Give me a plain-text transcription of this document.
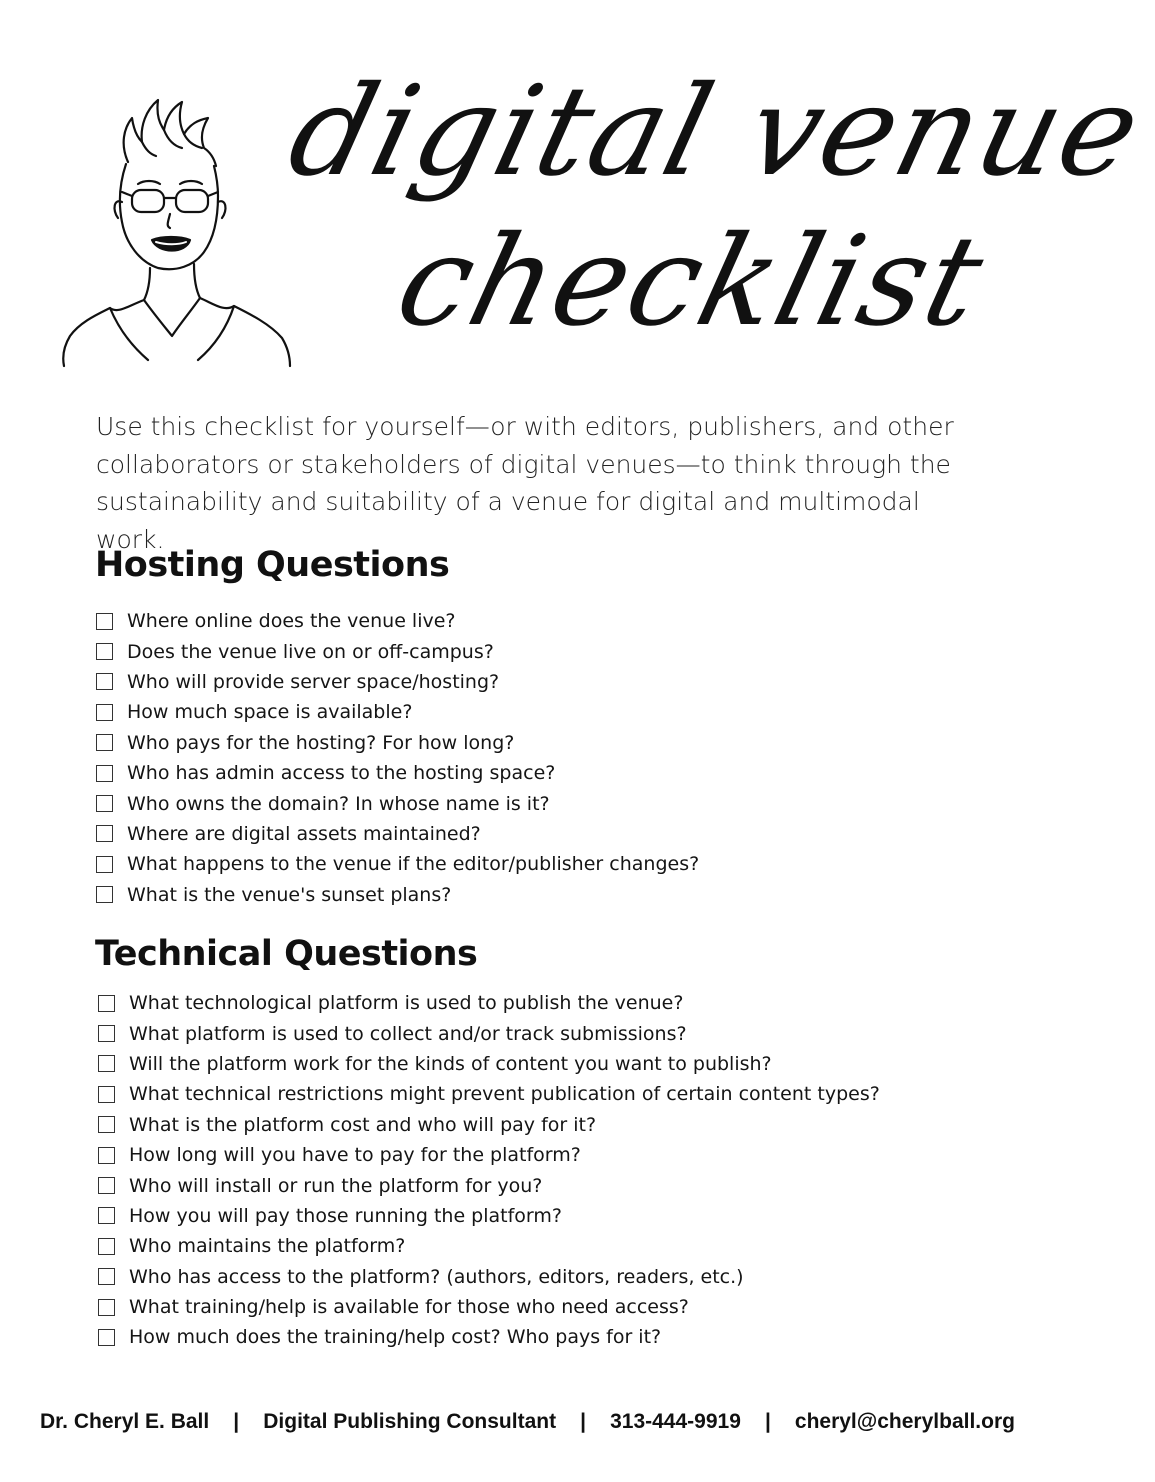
digital venue
checklist

Use this checklist for yourself—or with editors, publishers, and other collaborators or stakeholders of digital venues—to think through the sustainability and suitability of a venue for digital and multimodal work.

Hosting Questions
Where online does the venue live?
Does the venue live on or off-campus?
Who will provide server space/hosting?
How much space is available?
Who pays for the hosting? For how long?
Who has admin access to the hosting space?
Who owns the domain? In whose name is it?
Where are digital assets maintained?
What happens to the venue if the editor/publisher changes?
What is the venue's sunset plans?
Technical Questions
What technological platform is used to publish the venue?
What platform is used to collect and/or track submissions?
Will the platform work for the kinds of content you want to publish?
What technical restrictions might prevent publication of certain content types?
What is the platform cost and who will pay for it?
How long will you have to pay for the platform?
Who will install or run the platform for you?
How you will pay those running the platform?
Who maintains the platform?
Who has access to the platform? (authors, editors, readers, etc.)
What training/help is available for those who need access?
How much does the training/help cost? Who pays for it?
Dr. Cheryl E. Ball | Digital Publishing Consultant | 313-444-9919 | cheryl@cherylball.org
